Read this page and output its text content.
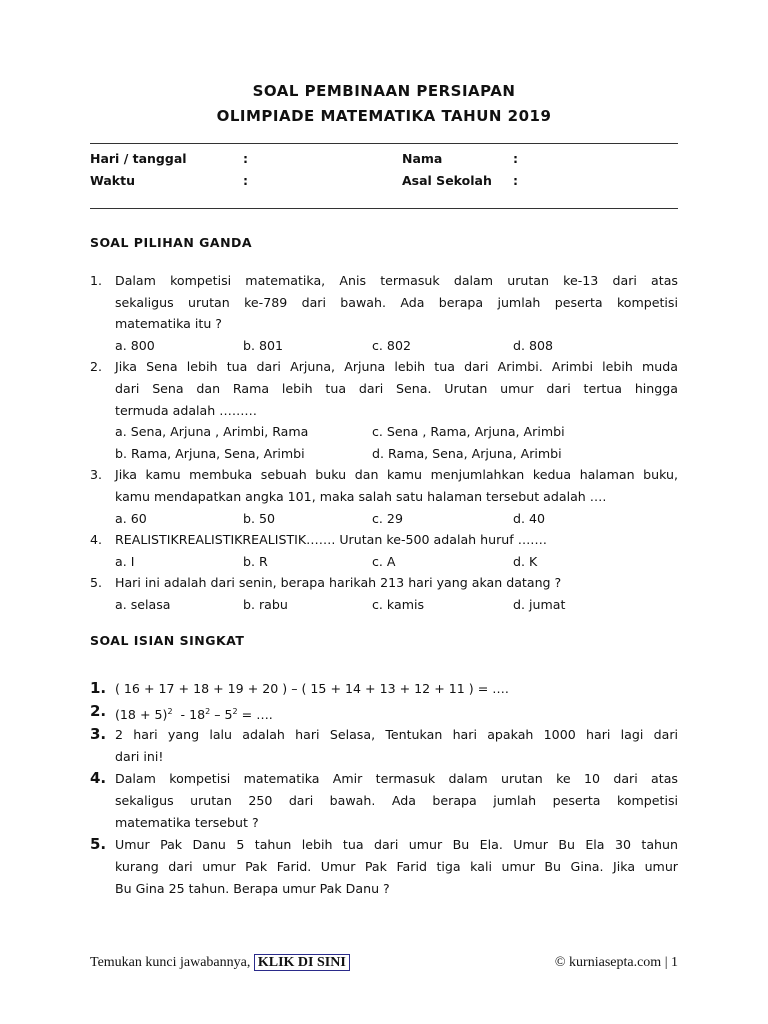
SOAL PEMBINAAN PERSIAPAN
OLIMPIADE MATEMATIKA TAHUN 2019
Hari / tanggal	:	Nama	:
Waktu	:	Asal Sekolah :
SOAL PILIHAN GANDA
1. Dalam kompetisi matematika, Anis termasuk dalam urutan ke-13 dari atas
sekaligus urutan ke-789 dari bawah. Ada berapa jumlah peserta kompetisi
matematika itu ?
a. 800	b. 801	c. 802	d. 808
2. Jika Sena lebih tua dari Arjuna, Arjuna lebih tua dari Arimbi. Arimbi lebih muda
dari Sena dan Rama lebih tua dari Sena. Urutan umur dari tertua hingga
termuda adalah ………
a. Sena, Arjuna , Arimbi, Rama	c. Sena , Rama, Arjuna, Arimbi
b. Rama, Arjuna, Sena, Arimbi	d. Rama, Sena, Arjuna, Arimbi
3. Jika kamu membuka sebuah buku dan kamu menjumlahkan kedua halaman buku,
kamu mendapatkan angka 101, maka salah satu halaman tersebut adalah ….
a. 60	b. 50	c. 29	d. 40
4. REALISTIKREALISTIKREALISTIK……. Urutan ke-500 adalah huruf …….
a. I	b. R	c. A	d. K
5. Hari ini adalah dari senin, berapa harikah 213 hari yang akan datang ?
a. selasa	b. rabu	c. kamis	d. jumat
SOAL ISIAN SINGKAT
1. ( 16 + 17 + 18 + 19 + 20 ) – ( 15 + 14 + 13 + 12 + 11 ) = ….
2. $(18 + 5)^2 - 18^2 - 5^2$ = ….
3. 2 hari yang lalu adalah hari Selasa, Tentukan hari apakah 1000 hari lagi dari
dari ini!
4. Dalam kompetisi matematika Amir termasuk dalam urutan ke 10 dari atas
sekaligus urutan 250 dari bawah. Ada berapa jumlah peserta kompetisi
matematika tersebut ?
5. Umur Pak Danu 5 tahun lebih tua dari umur Bu Ela. Umur Bu Ela 30 tahun
kurang dari umur Pak Farid. Umur Pak Farid tiga kali umur Bu Gina. Jika umur
Bu Gina 25 tahun. Berapa umur Pak Danu ?
Temukan kunci jawabannya, KLIK DI SINI	© kurniasepta.com | 1
